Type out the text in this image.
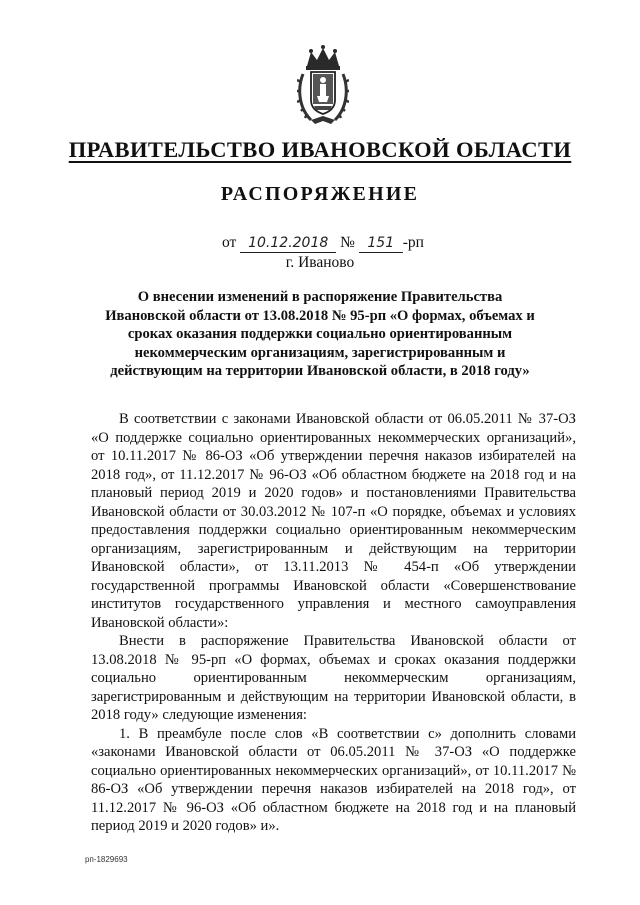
ПРАВИТЕЛЬСТВО ИВАНОВСКОЙ ОБЛАСТИ
РАСПОРЯЖЕНИЕ
от 10.12.2018 № 151 -рп
г. Иваново
О внесении изменений в распоряжение Правительства Ивановской области от 13.08.2018 № 95-рп «О формах, объемах и сроках оказания поддержки социально ориентированным некоммерческим организациям, зарегистрированным и действующим на территории Ивановской области, в 2018 году»

В соответствии с законами Ивановской области от 06.05.2011 № 37-ОЗ «О поддержке социально ориентированных некоммерческих организаций», от 10.11.2017 № 86-ОЗ «Об утверждении перечня наказов избирателей на 2018 год», от 11.12.2017 № 96-ОЗ «Об областном бюджете на 2018 год и на плановый период 2019 и 2020 годов» и постановлениями Правительства Ивановской области от 30.03.2012 № 107-п «О порядке, объемах и условиях предоставления поддержки социально ориентированным некоммерческим организациям, зарегистрированным и действующим на территории Ивановской области», от 13.11.2013 № 454-п «Об утверждении государственной программы Ивановской области «Совершенствование институтов государственного управления и местного самоуправления Ивановской области»:

Внести в распоряжение Правительства Ивановской области от 13.08.2018 № 95-рп «О формах, объемах и сроках оказания поддержки социально ориентированным некоммерческим организациям, зарегистрированным и действующим на территории Ивановской области, в 2018 году» следующие изменения:

1. В преамбуле после слов «В соответствии с» дополнить словами «законами Ивановской области от 06.05.2011 № 37-ОЗ «О поддержке социально ориентированных некоммерческих организаций», от 10.11.2017 № 86-ОЗ «Об утверждении перечня наказов избирателей на 2018 год», от 11.12.2017 № 96-ОЗ «Об областном бюджете на 2018 год и на плановый период 2019 и 2020 годов» и».

рп-1829693
